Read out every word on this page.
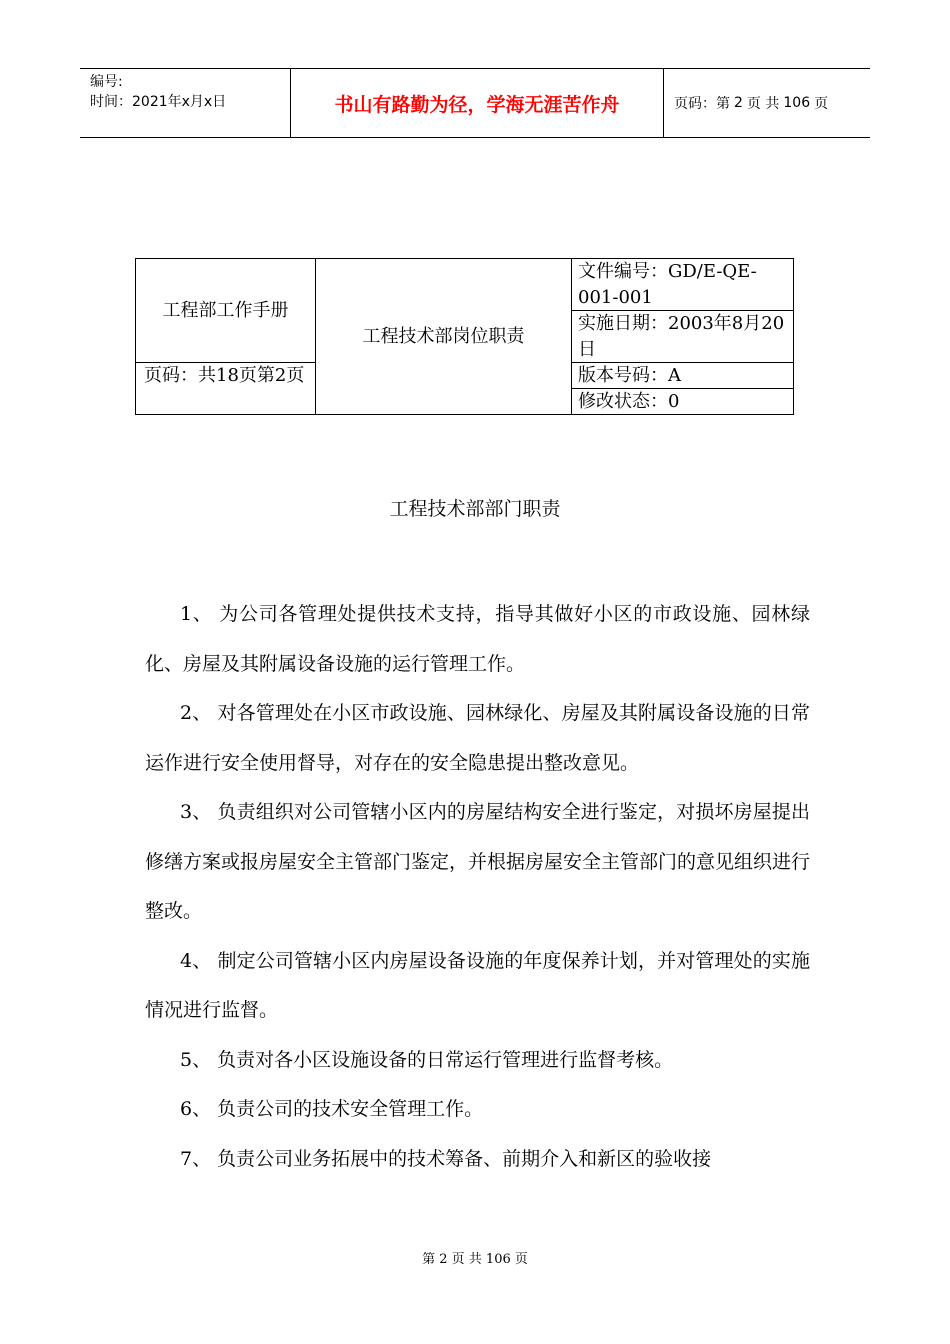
编号:
时间：2021年x月x日	书山有路勤为径，学海无涯苦作舟	页码：第 2 页 共 106 页
工程部工作手册
页码：共18页第2页
工程技术部岗位职责
文件编号：GD/E-QE-001-001
实施日期：2003年8月20日
版本号码：A
修改状态：0
工程技术部部门职责

1、 为公司各管理处提供技术支持，指导其做好小区的市政设施、园林绿化、房屋及其附属设备设施的运行管理工作。

2、 对各管理处在小区市政设施、园林绿化、房屋及其附属设备设施的日常运作进行安全使用督导，对存在的安全隐患提出整改意见。

3、 负责组织对公司管辖小区内的房屋结构安全进行鉴定，对损坏房屋提出修缮方案或报房屋安全主管部门鉴定，并根据房屋安全主管部门的意见组织进行整改。

4、 制定公司管辖小区内房屋设备设施的年度保养计划，并对管理处的实施情况进行监督。

5、 负责对各小区设施设备的日常运行管理进行监督考核。

6、 负责公司的技术安全管理工作。

7、 负责公司业务拓展中的技术筹备、前期介入和新区的验收接

第 2 页 共 106 页
